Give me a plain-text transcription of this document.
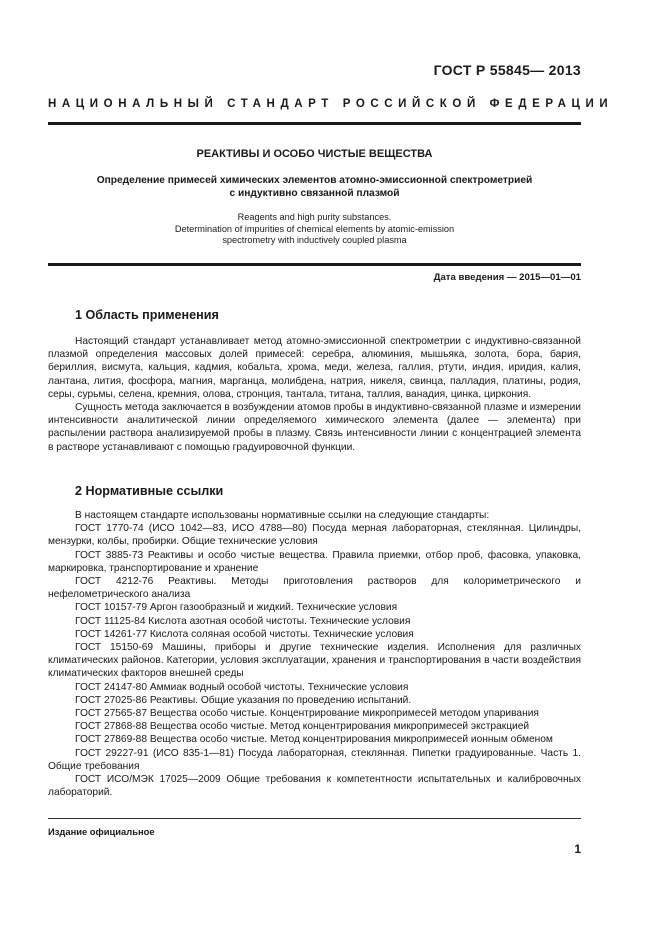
ГОСТ Р 55845— 2013
НАЦИОНАЛЬНЫЙ СТАНДАРТ РОССИЙСКОЙ ФЕДЕРАЦИИ
РЕАКТИВЫ И ОСОБО ЧИСТЫЕ ВЕЩЕСТВА
Определение примесей химических элементов атомно-эмиссионной спектрометрией
с индуктивно связанной плазмой
Reagents and high purity substances.
Determination of impurities of chemical elements by atomic-emission
spectrometry with inductively coupled plasma
Дата введения — 2015—01—01
1 Область применения

Настоящий стандарт устанавливает метод атомно-эмиссионной спектрометрии с индуктивно-связанной плазмой определения массовых долей примесей: серебра, алюминия, мышьяка, золота, бора, бария, бериллия, висмута, кальция, кадмия, кобальта, хрома, меди, железа, галлия, ртути, индия, иридия, калия, лантана, лития, фосфора, магния, марганца, молибдена, натрия, никеля, свинца, палладия, платины, родия, серы, сурьмы, селена, кремния, олова, стронция, тантала, титана, таллия, ванадия, цинка, циркония.

Сущность метода заключается в возбуждении атомов пробы в индуктивно-связанной плазме и измерении интенсивности аналитической линии определяемого химического элемента (далее — элемента) при распылении раствора анализируемой пробы в плазму. Связь интенсивности линии с концентрацией элемента в растворе устанавливают с помощью градуировочной функции.

2 Нормативные ссылки

В настоящем стандарте использованы нормативные ссылки на следующие стандарты:

ГОСТ 1770-74 (ИСО 1042—83, ИСО 4788—80) Посуда мерная лабораторная, стеклянная. Цилиндры, мензурки, колбы, пробирки. Общие технические условия

ГОСТ 3885-73 Реактивы и особо чистые вещества. Правила приемки, отбор проб, фасовка, упаковка, маркировка, транспортирование и хранение

ГОСТ 4212-76 Реактивы. Методы приготовления растворов для колориметрического и нефелометрического анализа

ГОСТ 10157-79 Аргон газообразный и жидкий. Технические условия

ГОСТ 11125-84 Кислота азотная особой чистоты. Технические условия

ГОСТ 14261-77 Кислота соляная особой чистоты. Технические условия

ГОСТ 15150-69 Машины, приборы и другие технические изделия. Исполнения для различных климатических районов. Категории, условия эксплуатации, хранения и транспортирования в части воздействия климатических факторов внешней среды

ГОСТ 24147-80 Аммиак водный особой чистоты. Технические условия

ГОСТ 27025-86 Реактивы. Общие указания по проведению испытаний.

ГОСТ 27565-87 Вещества особо чистые. Концентрирование микропримесей методом упаривания

ГОСТ 27868-88 Вещества особо чистые. Метод концентрирования микропримесей экстракцией

ГОСТ 27869-88 Вещества особо чистые. Метод концентрирования микропримесей ионным обменом

ГОСТ 29227-91 (ИСО 835-1—81) Посуда лабораторная, стеклянная. Пипетки градуированные. Часть 1. Общие требования

ГОСТ ИСО/МЭК 17025—2009 Общие требования к компетентности испытательных и калибровочных лабораторий.

Издание официальное
1
